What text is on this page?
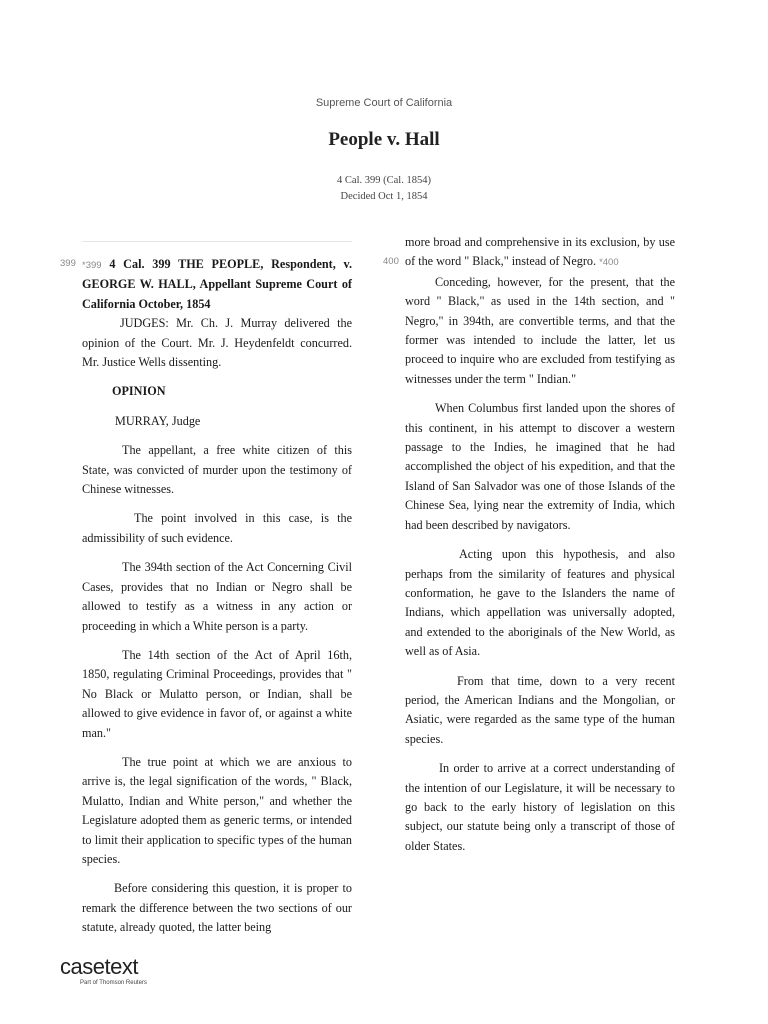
Supreme Court of California
People v. Hall
4 Cal. 399 (Cal. 1854)
Decided Oct 1, 1854
399	400

*399 4 Cal. 399 THE PEOPLE, Respondent, v. GEORGE W. HALL, Appellant Supreme Court of California October, 1854

JUDGES: Mr. Ch. J. Murray delivered the opinion of the Court. Mr. J. Heydenfeldt concurred. Mr. Justice Wells dissenting.

OPINION

MURRAY, Judge

The appellant, a free white citizen of this State, was convicted of murder upon the testimony of Chinese witnesses.

The point involved in this case, is the admissibility of such evidence.

The 394th section of the Act Concerning Civil Cases, provides that no Indian or Negro shall be allowed to testify as a witness in any action or proceeding in which a White person is a party.

The 14th section of the Act of April 16th, 1850, regulating Criminal Proceedings, provides that " No Black or Mulatto person, or Indian, shall be allowed to give evidence in favor of, or against a white man."

The true point at which we are anxious to arrive is, the legal signification of the words, " Black, Mulatto, Indian and White person," and whether the Legislature adopted them as generic terms, or intended to limit their application to specific types of the human species.

Before considering this question, it is proper to remark the difference between the two sections of our statute, already quoted, the latter being

more broad and comprehensive in its exclusion, by use of the word " Black," instead of Negro. *400

Conceding, however, for the present, that the word " Black," as used in the 14th section, and " Negro," in 394th, are convertible terms, and that the former was intended to include the latter, let us proceed to inquire who are excluded from testifying as witnesses under the term " Indian."

When Columbus first landed upon the shores of this continent, in his attempt to discover a western passage to the Indies, he imagined that he had accomplished the object of his expedition, and that the Island of San Salvador was one of those Islands of the Chinese Sea, lying near the extremity of India, which had been described by navigators.

Acting upon this hypothesis, and also perhaps from the similarity of features and physical conformation, he gave to the Islanders the name of Indians, which appellation was universally adopted, and extended to the aboriginals of the New World, as well as of Asia.

From that time, down to a very recent period, the American Indians and the Mongolian, or Asiatic, were regarded as the same type of the human species.

In order to arrive at a correct understanding of the intention of our Legislature, it will be necessary to go back to the early history of legislation on this subject, our statute being only a transcript of those of older States.

casetext
Part of Thomson Reuters
